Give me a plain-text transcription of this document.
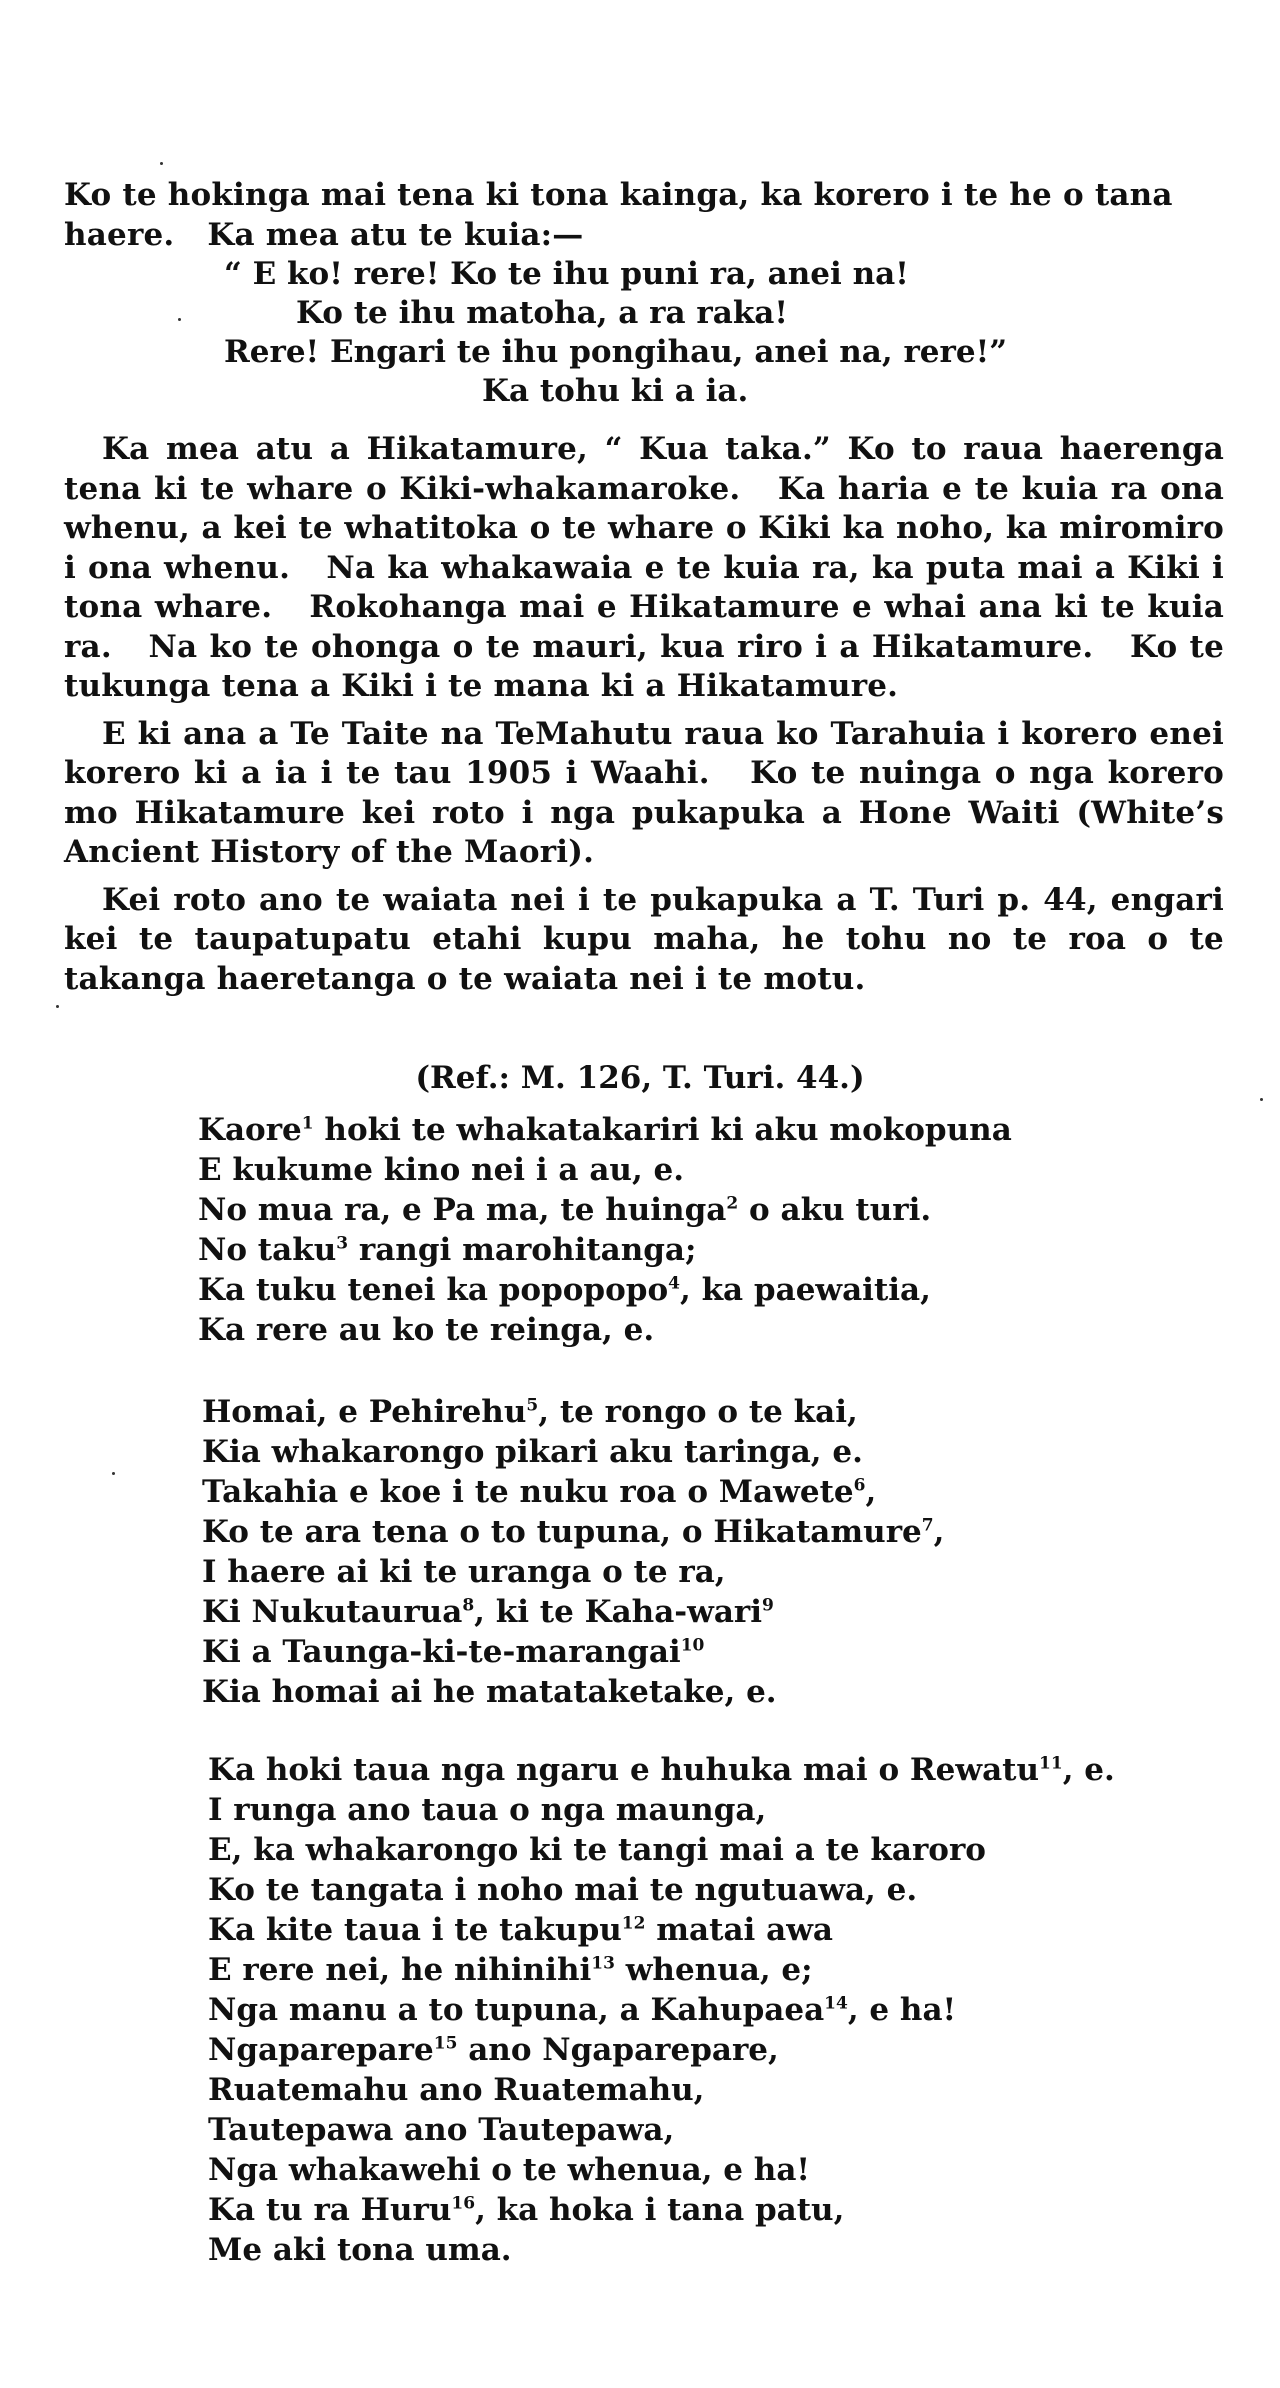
Ko te hokinga mai tena ki tona kainga, ka korero i te he o tana

haere.   Ka mea atu te kuia:—

“ E ko! rere! Ko te ihu puni ra, anei na!
Ko te ihu matoha, a ra raka!
Rere! Engari te ihu pongihau, anei na, rere!”
Ka tohu ki a ia.

Ka mea atu a Hikatamure, “ Kua taka.” Ko to raua haerenga tena ki te whare o Kiki-whakamaroke.   Ka haria e te kuia ra ona whenu, a kei te whatitoka o te whare o Kiki ka noho, ka miromiro i ona whenu.   Na ka whakawaia e te kuia ra, ka puta mai a Kiki i tona whare.   Rokohanga mai e Hikatamure e whai ana ki te kuia ra.   Na ko te ohonga o te mauri, kua riro i a Hikatamure.   Ko te tukunga tena a Kiki i te mana ki a Hikatamure.

E ki ana a Te Taite na TeMahutu raua ko Tarahuia i korero enei korero ki a ia i te tau 1905 i Waahi.   Ko te nuinga o nga korero mo Hikatamure kei roto i nga pukapuka a Hone Waiti (White’s Ancient History of the Maori).

Kei roto ano te waiata nei i te pukapuka a T. Turi p. 44, engari kei te taupatupatu etahi kupu maha, he tohu no te roa o te takanga haeretanga o te waiata nei i te motu.

(Ref.: M. 126, T. Turi. 44.)
Kaore$^1$ hoki te whakatakariri ki aku mokopuna
E kukume kino nei i a au, e.
No mua ra, e Pa ma, te huinga$^2$ o aku turi.
No taku$^3$ rangi marohitanga;
Ka tuku tenei ka popopopo$^4$, ka paewaitia,
Ka rere au ko te reinga, e.
Homai, e Pehirehu$^5$, te rongo o te kai,
Kia whakarongo pikari aku taringa, e.
Takahia e koe i te nuku roa o Mawete$^6$,
Ko te ara tena o to tupuna, o Hikatamure$^7$,
I haere ai ki te uranga o te ra,
Ki Nukutaurua$^8$, ki te Kaha-wari$^9$
Ki a Taunga-ki-te-marangai$^{10}$
Kia homai ai he matataketake, e.
Ka hoki taua nga ngaru e huhuka mai o Rewatu$^{11}$, e.
I runga ano taua o nga maunga,
E, ka whakarongo ki te tangi mai a te karoro
Ko te tangata i noho mai te ngutuawa, e.
Ka kite taua i te takupu$^{12}$ matai awa
E rere nei, he nihinihi$^{13}$ whenua, e;
Nga manu a to tupuna, a Kahupaea$^{14}$, e ha!
Ngaparepare$^{15}$ ano Ngaparepare,
Ruatemahu ano Ruatemahu,
Tautepawa ano Tautepawa,
Nga whakawehi o te whenua, e ha!
Ka tu ra Huru$^{16}$, ka hoka i tana patu,
Me aki tona uma.
